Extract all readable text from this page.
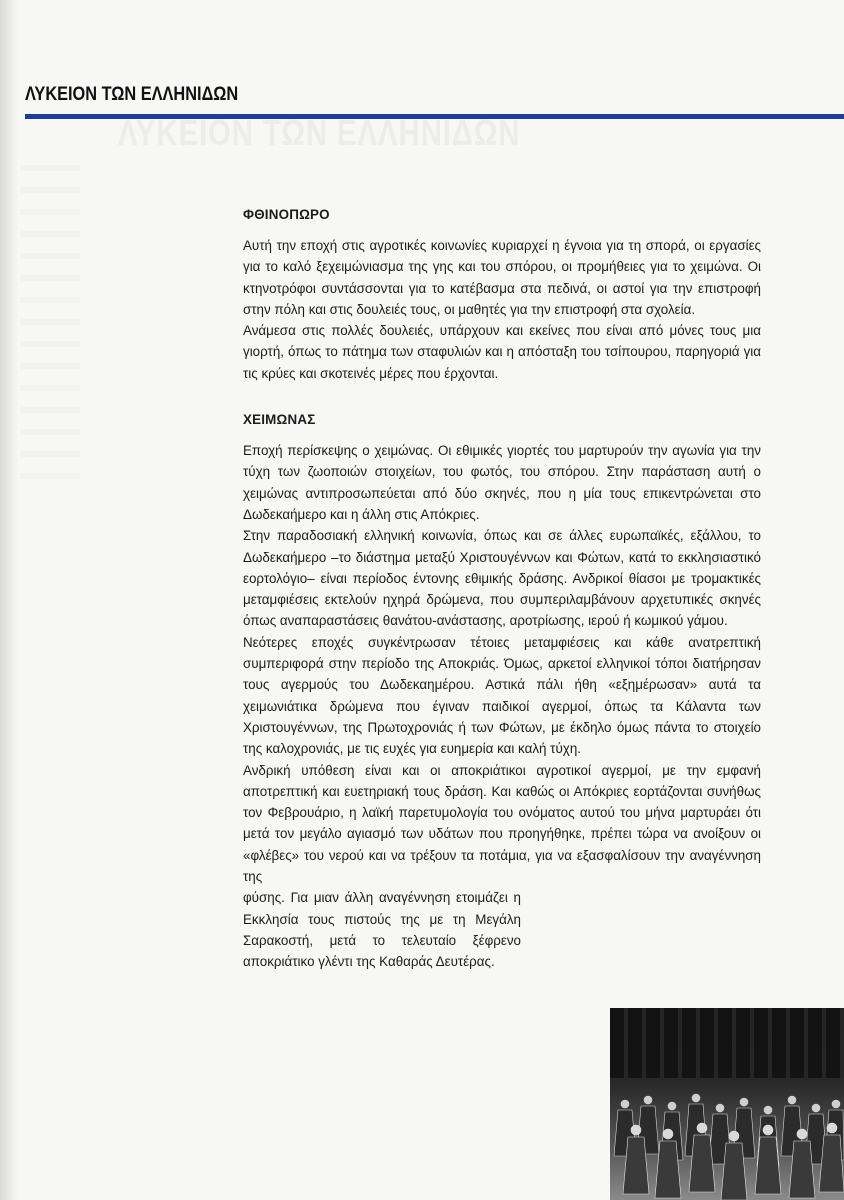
ΛΥΚΕΙΟΝ ΤΩΝ ΕΛΛΗΝΙΔΩΝ
ΛΥΚΕΙΟΝ ΤΩΝ ΕΛΛΗΝΙΔΩΝ
ΦΘΙΝΟΠΩΡΟ

Αυτή την εποχή στις αγροτικές κοινωνίες κυριαρχεί η έγνοια για τη σπορά, οι εργασίες για το καλό ξεχειμώνιασμα της γης και του σπόρου, οι προμήθειες για το χειμώνα. Οι κτηνοτρόφοι συντάσσονται για το κατέβασμα στα πεδινά, οι αστοί για την επιστροφή στην πόλη και στις δουλειές τους, οι μαθητές για την επιστροφή στα σχολεία.

Ανάμεσα στις πολλές δουλειές, υπάρχουν και εκείνες που είναι από μόνες τους μια γιορτή, όπως το πάτημα των σταφυλιών και η απόσταξη του τσίπουρου, παρηγοριά για τις κρύες και σκοτεινές μέρες που έρχονται.

ΧΕΙΜΩΝΑΣ

Εποχή περίσκεψης ο χειμώνας. Οι εθιμικές γιορτές του μαρτυρούν την αγωνία για την τύχη των ζωοποιών στοιχείων, του φωτός, του σπόρου. Στην παράσταση αυτή ο χειμώνας αντιπροσωπεύεται από δύο σκηνές, που η μία τους επικεντρώνεται στο Δωδεκαήμερο και η άλλη στις Απόκριες.

Στην παραδοσιακή ελληνική κοινωνία, όπως και σε άλλες ευρωπαϊκές, εξάλλου, το Δωδεκαήμερο –το διάστημα μεταξύ Χριστουγέννων και Φώτων, κατά το εκκλησιαστικό εορτολόγιο– είναι περίοδος έντονης εθιμικής δράσης. Ανδρικοί θίασοι με τρομακτικές μεταμφιέσεις εκτελούν ηχηρά δρώμενα, που συμπεριλαμβάνουν αρχετυπικές σκηνές όπως αναπαραστάσεις θανάτου-ανάστασης, αροτρίωσης, ιερού ή κωμικού γάμου.

Νεότερες εποχές συγκέντρωσαν τέτοιες μεταμφιέσεις και κάθε ανατρεπτική συμπεριφορά στην περίοδο της Αποκριάς. Όμως, αρκετοί ελληνικοί τόποι διατήρησαν τους αγερμούς του Δωδεκαημέρου. Αστικά πάλι ήθη «εξημέρωσαν» αυτά τα χειμωνιάτικα δρώμενα που έγιναν παιδικοί αγερμοί, όπως τα Κάλαντα των Χριστουγέννων, της Πρωτοχρονιάς ή των Φώτων, με έκδηλο όμως πάντα το στοιχείο της καλοχρονιάς, με τις ευχές για ευημερία και καλή τύχη.

Ανδρική υπόθεση είναι και οι αποκριάτικοι αγροτικοί αγερμοί, με την εμφανή αποτρεπτική και ευετηριακή τους δράση. Και καθώς οι Απόκριες εορτάζονται συνήθως τον Φεβρουάριο, η λαϊκή παρετυμολογία του ονόματος αυτού του μήνα μαρτυράει ότι μετά τον μεγάλο αγιασμό των υδάτων που προηγήθηκε, πρέπει τώρα να ανοίξουν οι «φλέβες» του νερού και να τρέξουν τα ποτάμια, για να εξασφαλίσουν την αναγέννηση της

φύσης. Για μιαν άλλη αναγέννηση ετοιμάζει η Εκκλησία τους πιστούς της με τη Μεγάλη Σαρακοστή, μετά το τελευταίο ξέφρενο αποκριάτικο γλέντι της Καθαράς Δευτέρας.
